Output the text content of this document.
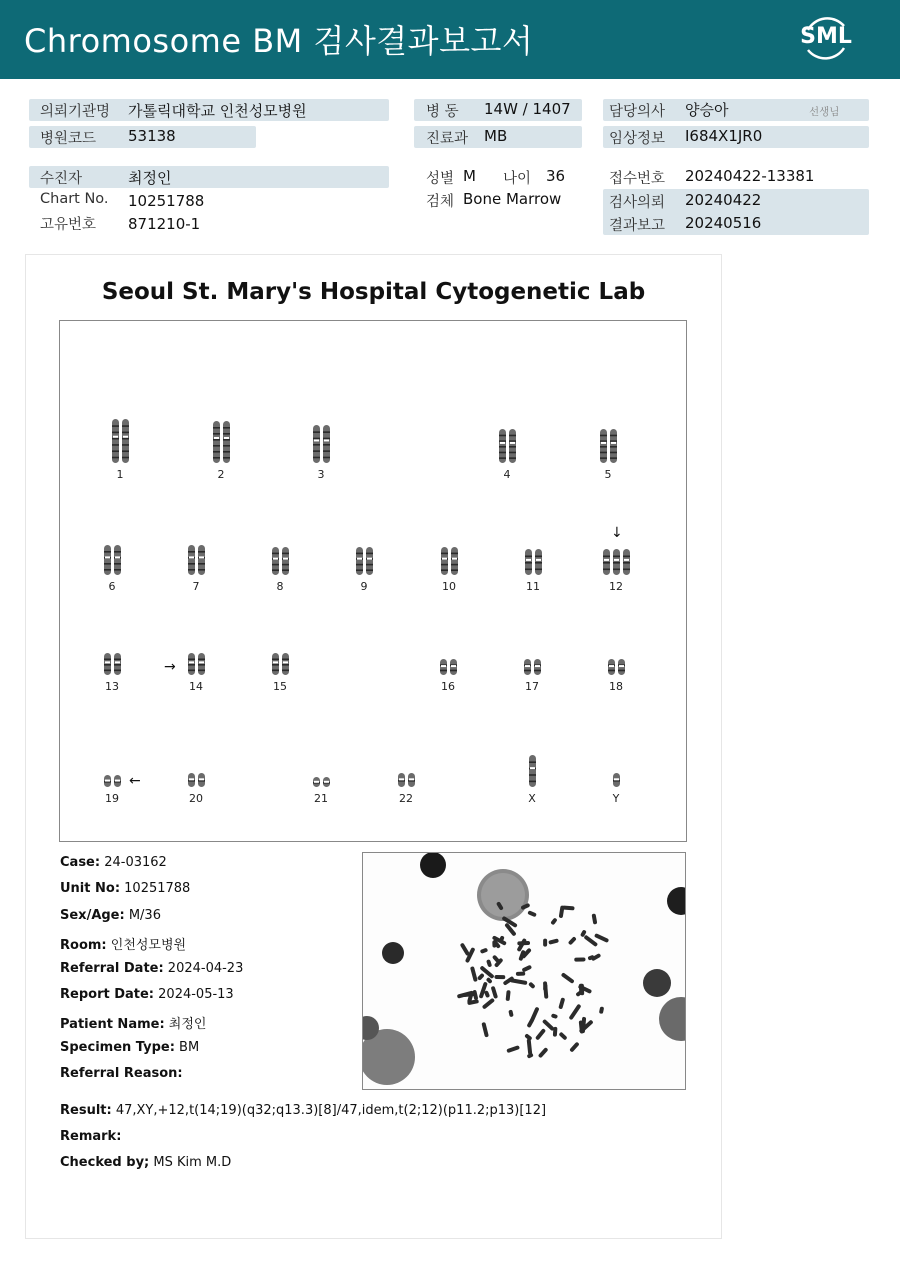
Chromosome BM 검사결과보고서	SML
의뢰기관명 가톨릭대학교 인천성모병원
병원코드 53138
병 동 14W / 1407
진료과 MB
담당의사 양승아	선생님
임상정보 I684X1JR0
수진자	최정인
Chart No. 10251788
고유번호 871210-1
성별 M 나이 36
검체 Bone Marrow
접수번호 20240422-13381
검사의뢰 20240422
결과보고 20240516
Seoul St. Mary's Hospital Cytogenetic Lab
↓
→
←
1	2	3	4	5
6	7	8	9	10	11	12
13	14	15	16	17	18
19	20	21	22	X	Y
Case: 24-03162
Unit No: 10251788
Sex/Age: M/36
Room: 인천성모병원
Referral Date: 2024-04-23
Report Date: 2024-05-13
Patient Name: 최정인
Specimen Type: BM
Referral Reason:
Result: 47,XY,+12,t(14;19)(q32;q13.3)[8]/47,idem,t(2;12)(p11.2;p13)[12]
Remark:
Checked by; MS Kim M.D
